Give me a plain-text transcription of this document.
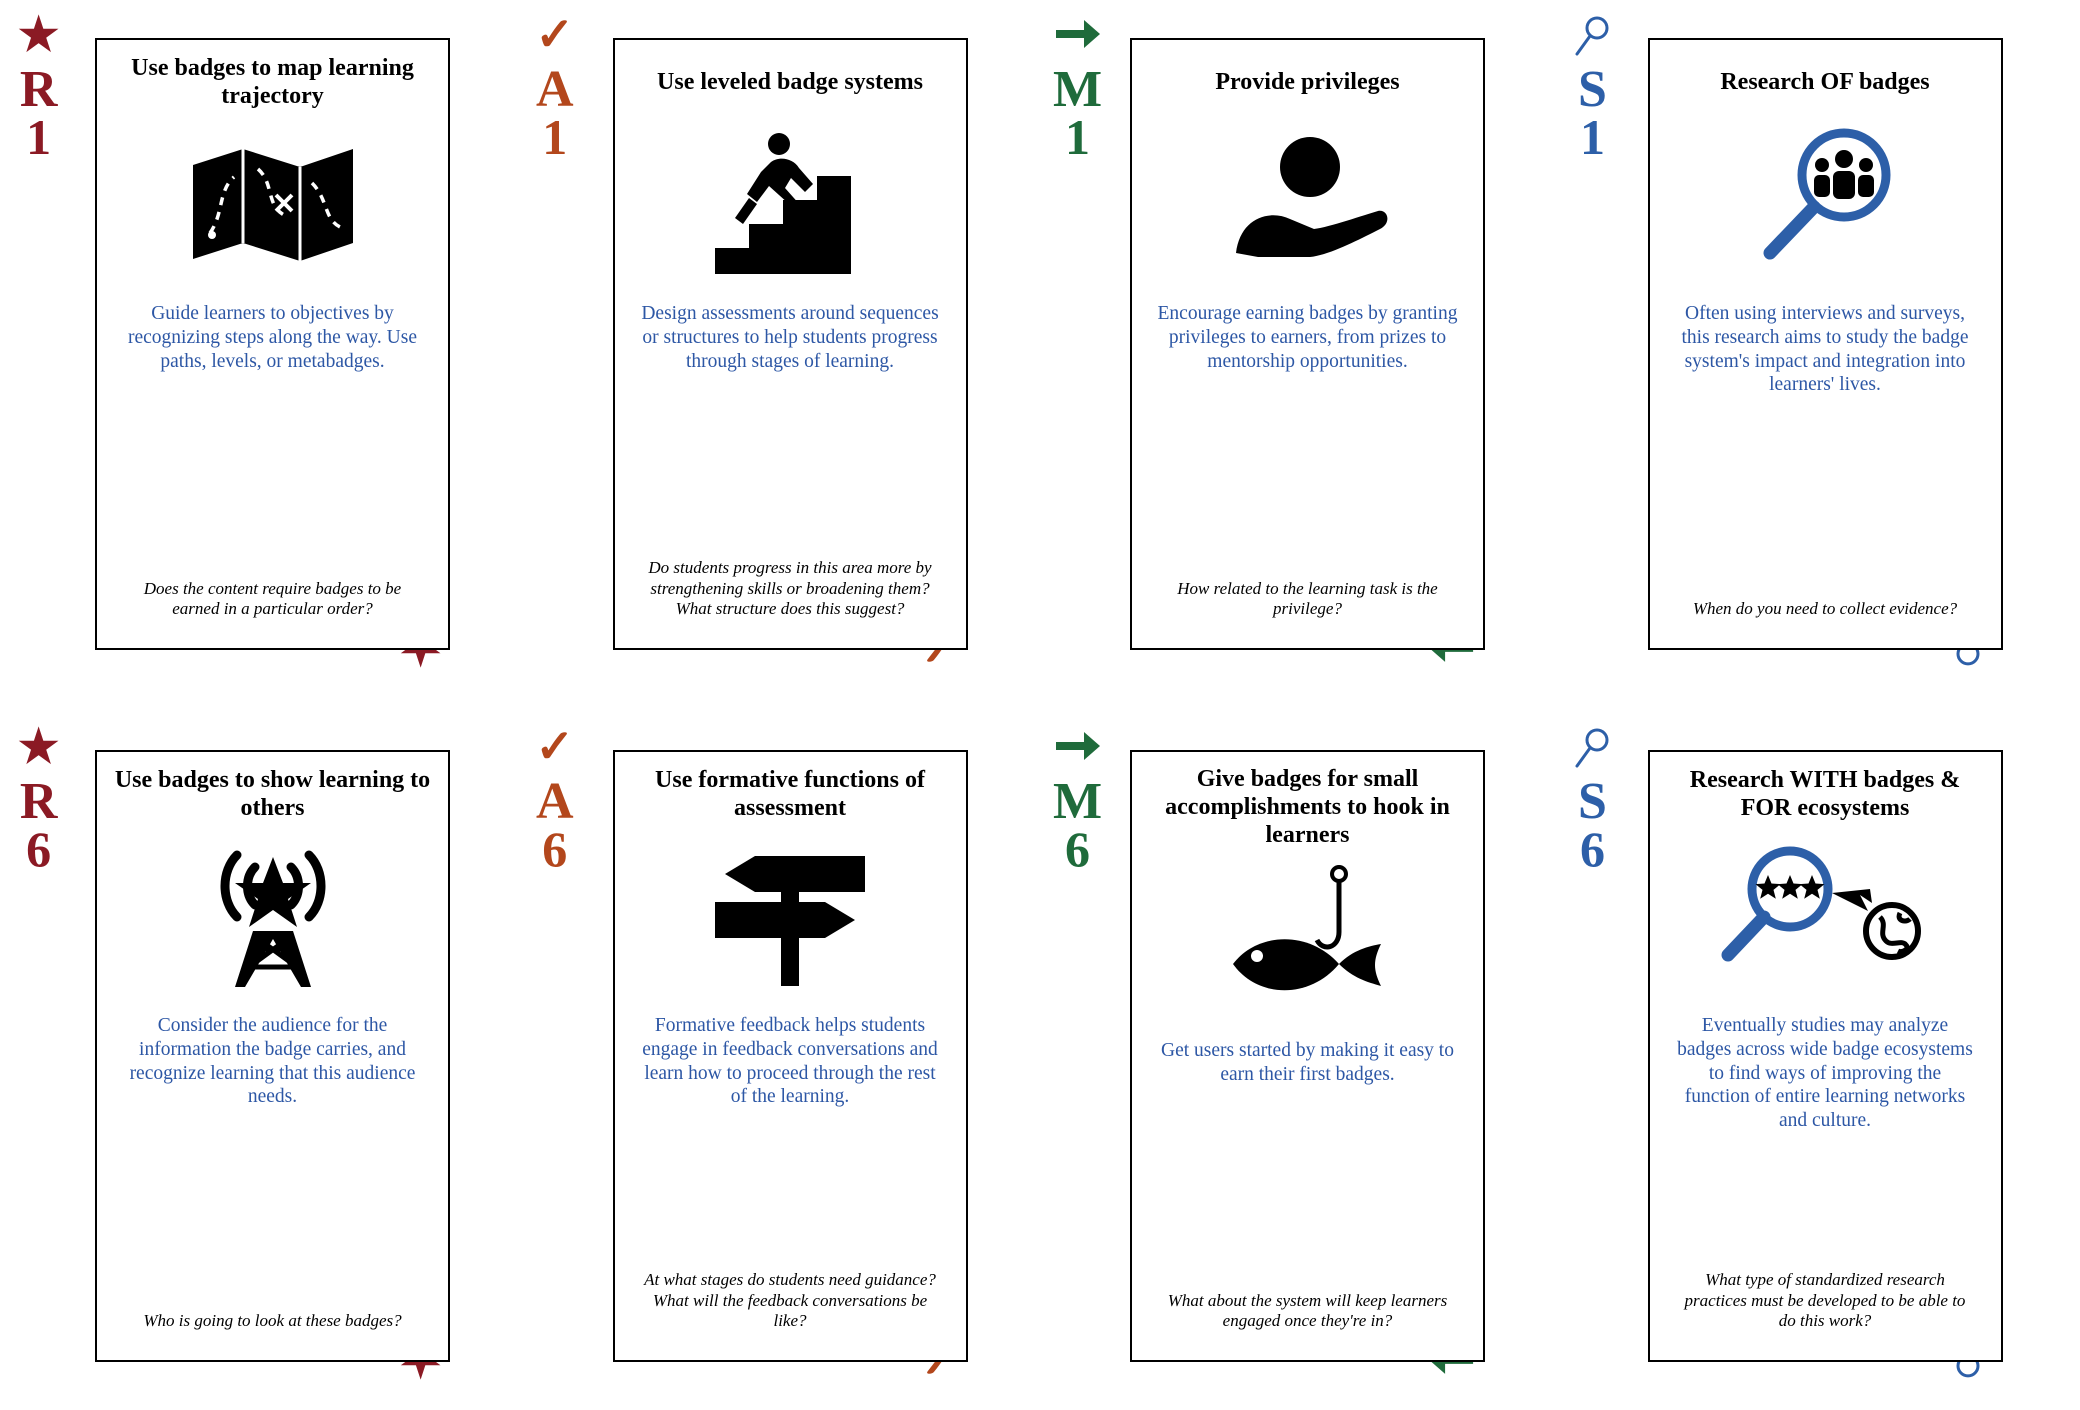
★
R
1
Use badges to map learning trajectory
Guide learners to objectives by recognizing steps along the way. Use paths, levels, or metabadges.
Does the content require badges to be earned in a particular order?
✓
A
1
Use leveled badge systems
Design assessments around sequences or structures to help students progress through stages of learning.
Do students progress in this area more by strengthening skills or broadening them? What structure does this suggest?
M
1
Provide privileges
Encourage earning badges by granting privileges to earners, from prizes to mentorship opportunities.
How related to the learning task is the privilege?
S
1
Research OF badges
Often using interviews and surveys, this research aims to study the badge system's impact and integration into learners' lives.
When do you need to collect evidence?
★
R
6
Use badges to show learning to others
Consider the audience for the information the badge carries, and recognize learning that this audience needs.
Who is going to look at these badges?
✓
A
6
Use formative functions of assessment
Formative feedback helps students engage in feedback conversations and learn how to proceed through the rest of the learning.
At what stages do students need guidance? What will the feedback conversations be like?
M
6
Give badges for small accomplishments to hook in learners
Get users started by making it easy to earn their first badges.
What about the system will keep learners engaged once they're in?
S
6
Research WITH badges & FOR ecosystems
Eventually studies may analyze badges across wide badge ecosystems to find ways of improving the function of entire learning networks and culture.
What type of standardized research practices must be developed to be able to do this work?
